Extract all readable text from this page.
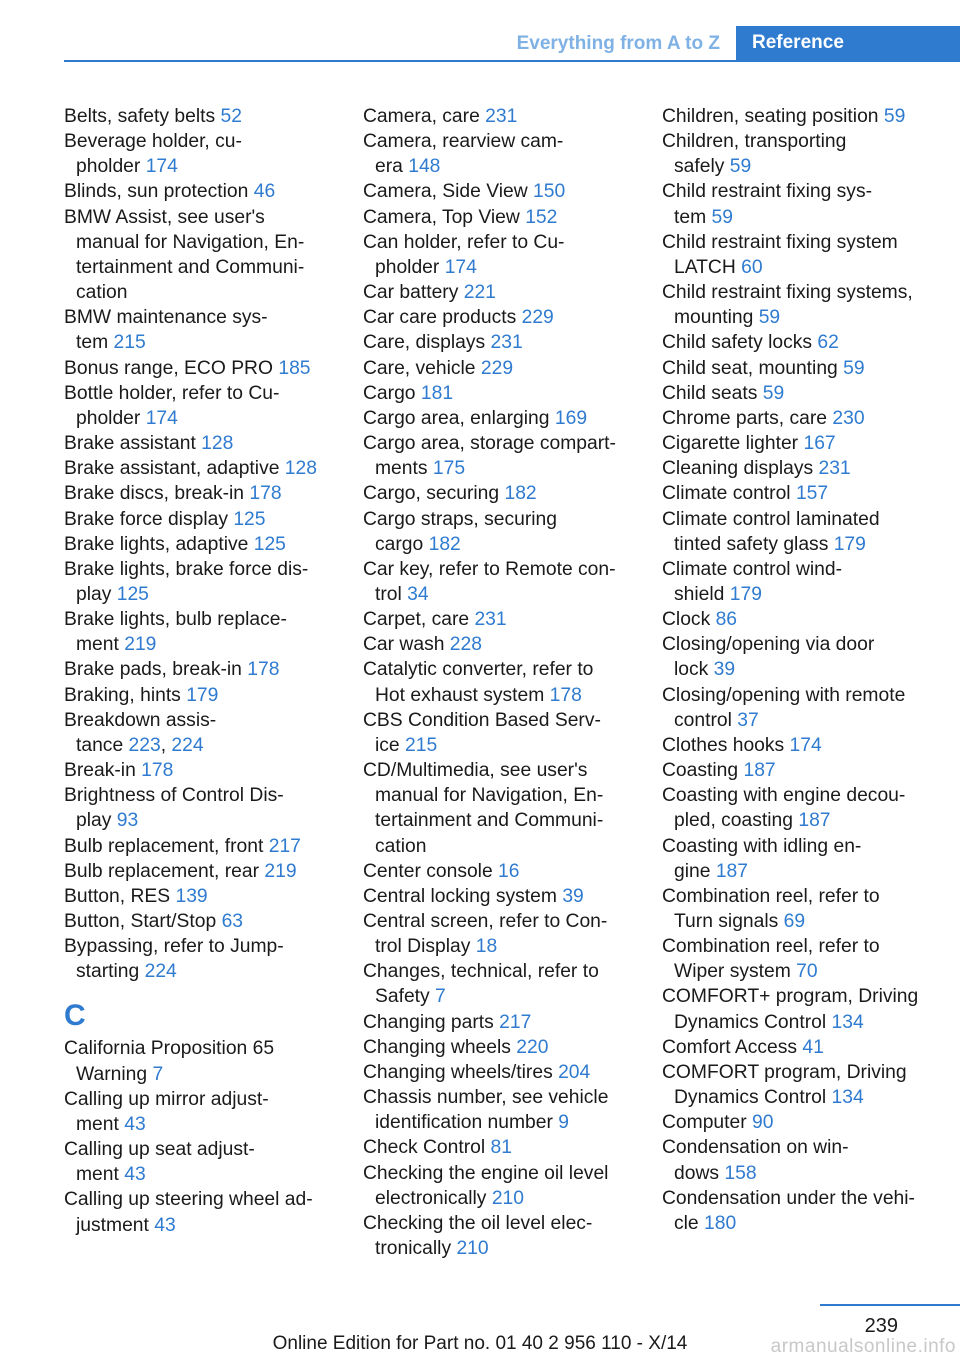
Everything from A to Z	Reference
Belts, safety belts 52
Beverage holder, cu-
pholder 174
Blinds, sun protection 46
BMW Assist, see user's
manual for Navigation, En-
tertainment and Communi-
cation
BMW maintenance sys-
tem 215
Bonus range, ECO PRO 185
Bottle holder, refer to Cu-
pholder 174
Brake assistant 128
Brake assistant, adaptive 128
Brake discs, break-in 178
Brake force display 125
Brake lights, adaptive 125
Brake lights, brake force dis-
play 125
Brake lights, bulb replace-
ment 219
Brake pads, break-in 178
Braking, hints 179
Breakdown assis-
tance 223, 224
Break-in 178
Brightness of Control Dis-
play 93
Bulb replacement, front 217
Bulb replacement, rear 219
Button, RES 139
Button, Start/Stop 63
Bypassing, refer to Jump-
starting 224
C
California Proposition 65
Warning 7
Calling up mirror adjust-
ment 43
Calling up seat adjust-
ment 43
Calling up steering wheel ad-
justment 43
Camera, care 231
Camera, rearview cam-
era 148
Camera, Side View 150
Camera, Top View 152
Can holder, refer to Cu-
pholder 174
Car battery 221
Car care products 229
Care, displays 231
Care, vehicle 229
Cargo 181
Cargo area, enlarging 169
Cargo area, storage compart-
ments 175
Cargo, securing 182
Cargo straps, securing
cargo 182
Car key, refer to Remote con-
trol 34
Carpet, care 231
Car wash 228
Catalytic converter, refer to
Hot exhaust system 178
CBS Condition Based Serv-
ice 215
CD/Multimedia, see user's
manual for Navigation, En-
tertainment and Communi-
cation
Center console 16
Central locking system 39
Central screen, refer to Con-
trol Display 18
Changes, technical, refer to
Safety 7
Changing parts 217
Changing wheels 220
Changing wheels/tires 204
Chassis number, see vehicle
identification number 9
Check Control 81
Checking the engine oil level
electronically 210
Checking the oil level elec-
tronically 210
Children, seating position 59
Children, transporting
safely 59
Child restraint fixing sys-
tem 59
Child restraint fixing system
LATCH 60
Child restraint fixing systems,
mounting 59
Child safety locks 62
Child seat, mounting 59
Child seats 59
Chrome parts, care 230
Cigarette lighter 167
Cleaning displays 231
Climate control 157
Climate control laminated
tinted safety glass 179
Climate control wind-
shield 179
Clock 86
Closing/opening via door
lock 39
Closing/opening with remote
control 37
Clothes hooks 174
Coasting 187
Coasting with engine decou-
pled, coasting 187
Coasting with idling en-
gine 187
Combination reel, refer to
Turn signals 69
Combination reel, refer to
Wiper system 70
COMFORT+ program, Driving
Dynamics Control 134
Comfort Access 41
COMFORT program, Driving
Dynamics Control 134
Computer 90
Condensation on win-
dows 158
Condensation under the vehi-
cle 180
239
Online Edition for Part no. 01 40 2 956 110 - X/14	armanualsonline.info
